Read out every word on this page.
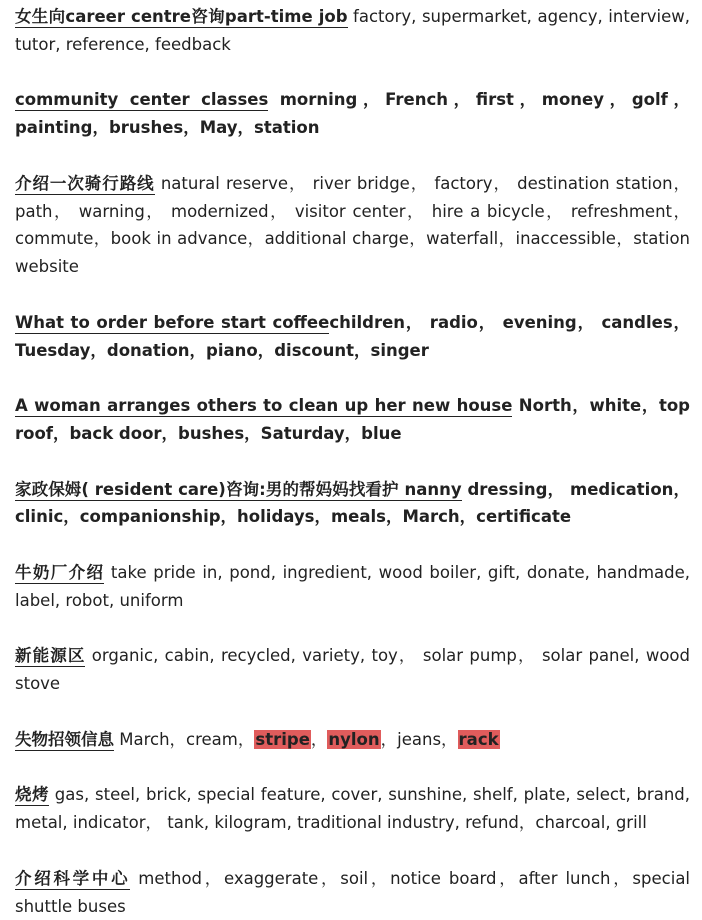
女生向career centre咨询part-time job factory, supermarket, agency, interview, tutor, reference, feedback
community center classes morning，French，first，money，golf，painting，brushes，May，station
介绍一次骑行路线 natural reserve， river bridge， factory， destination station， path， warning， modernized， visitor center， hire a bicycle， refreshment， commute，book in advance，additional charge，waterfall，inaccessible，station website
What to order before start coffeechildren， radio， evening， candles，Tuesday，donation，piano，discount，singer
A woman arranges others to clean up her new house North，white，top roof，back door，bushes，Saturday，blue
家政保姆( resident care)咨询:男的帮妈妈找看护 nanny dressing， medication，clinic，companionship，holidays，meals，March，certificate
牛奶厂介绍 take pride in, pond, ingredient, wood boiler, gift, donate, handmade, label, robot, uniform
新能源区 organic, cabin, recycled, variety, toy， solar pump， solar panel, wood stove
失物招领信息 March，cream，stripe，nylon，jeans，rack
烧烤 gas, steel, brick, special feature, cover, sunshine, shelf, plate, select, brand, metal, indicator， tank, kilogram, traditional industry, refund，charcoal, grill
介绍科学中心 method，exaggerate，soil，notice board，after lunch，special shuttle buses
